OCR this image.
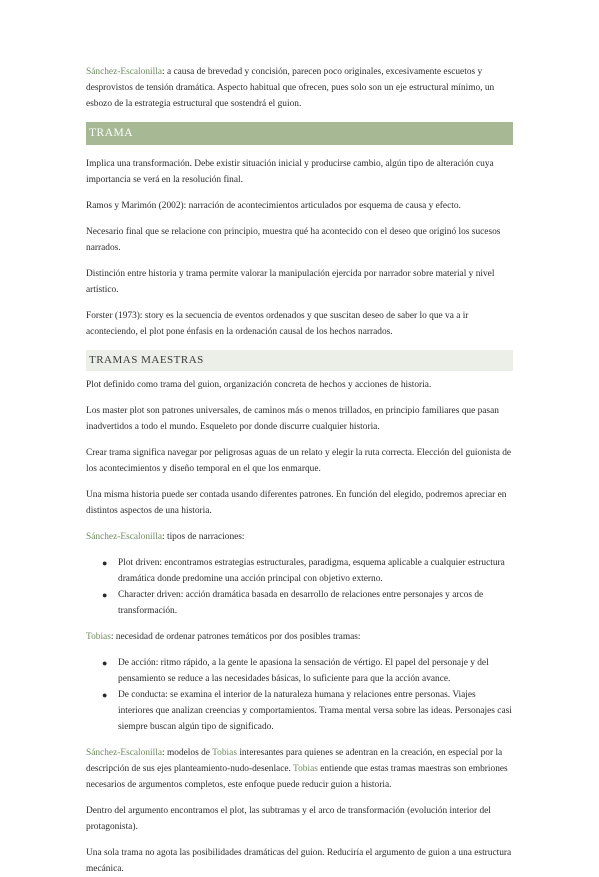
Sánchez-Escalonilla: a causa de brevedad y concisión, parecen poco originales, excesivamente escuetos y desprovistos de tensión dramática. Aspecto habitual que ofrecen, pues solo son un eje estructural mínimo, un esbozo de la estrategia estructural que sostendrá el guion.

TRAMA

Implica una transformación. Debe existir situación inicial y producirse cambio, algún tipo de alteración cuya importancia se verá en la resolución final.

Ramos y Marimón (2002): narración de acontecimientos articulados por esquema de causa y efecto.

Necesario final que se relacione con principio, muestra qué ha acontecido con el deseo que originó los sucesos narrados.

Distinción entre historia y trama permite valorar la manipulación ejercida por narrador sobre material y nivel artístico.

Forster (1973): story es la secuencia de eventos ordenados y que suscitan deseo de saber lo que va a ir aconteciendo, el plot pone énfasis en la ordenación causal de los hechos narrados.

TRAMAS MAESTRAS

Plot definido como trama del guion, organización concreta de hechos y acciones de historia.

Los master plot son patrones universales, de caminos más o menos trillados, en principio familiares que pasan inadvertidos a todo el mundo. Esqueleto por donde discurre cualquier historia.

Crear trama significa navegar por peligrosas aguas de un relato y elegir la ruta correcta. Elección del guionista de los acontecimientos y diseño temporal en el que los enmarque.

Una misma historia puede ser contada usando diferentes patrones. En función del elegido, podremos apreciar en distintos aspectos de una historia.

Sánchez-Escalonilla: tipos de narraciones:

● Plot driven: encontramos estrategias estructurales, paradigma, esquema aplicable a cualquier estructura dramática donde predomine una acción principal con objetivo externo.
● Character driven: acción dramática basada en desarrollo de relaciones entre personajes y arcos de transformación.

Tobias: necesidad de ordenar patrones temáticos por dos posibles tramas:

● De acción: ritmo rápido, a la gente le apasiona la sensación de vértigo. El papel del personaje y del pensamiento se reduce a las necesidades básicas, lo suficiente para que la acción avance.
● De conducta: se examina el interior de la naturaleza humana y relaciones entre personas. Viajes interiores que analizan creencias y comportamientos. Trama mental versa sobre las ideas. Personajes casi siempre buscan algún tipo de significado.

Sánchez-Escalonilla: modelos de Tobias interesantes para quienes se adentran en la creación, en especial por la descripción de sus ejes planteamiento-nudo-desenlace. Tobias entiende que estas tramas maestras son embriones necesarios de argumentos completos, este enfoque puede reducir guion a historia.

Dentro del argumento encontramos el plot, las subtramas y el arco de transformación (evolución interior del protagonista).

Una sola trama no agota las posibilidades dramáticas del guion. Reduciría el argumento de guion a una estructura mecánica.
